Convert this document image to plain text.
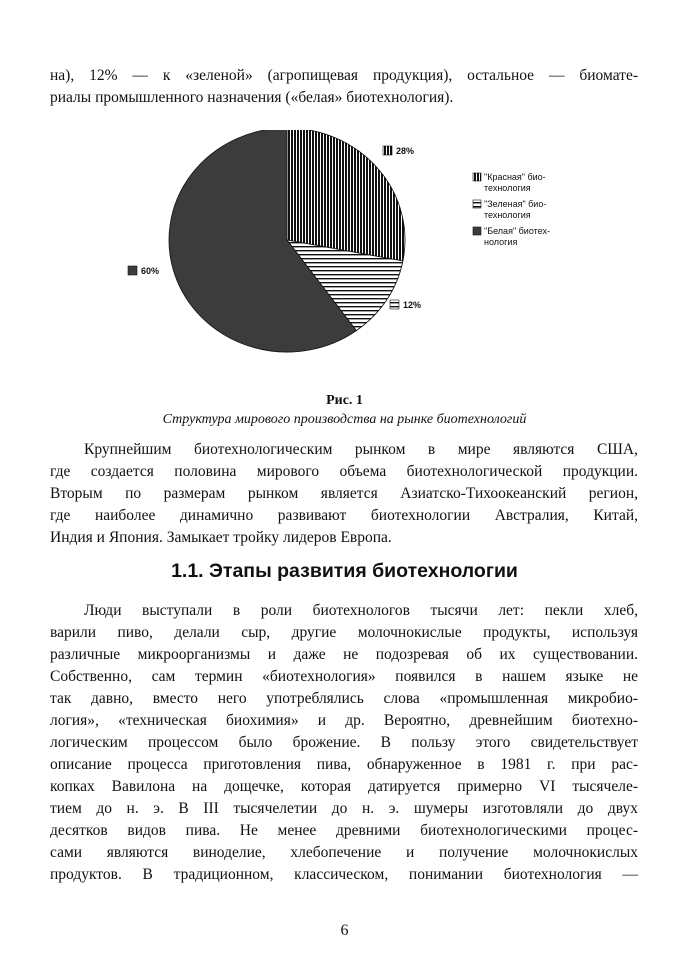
на), 12% — к «зеленой» (агропищевая продукция), остальное — биомате-
риалы промышленного назначения («белая» биотехнология).
28%
12%
60%
"Красная" био-
технология
"Зеленая" био-
технология
"Белая" биотех-
нология
Рис. 1
Структура мирового производства на рынке биотехнологий
Крупнейшим биотехнологическим рынком в мире являются США,
где создается половина мирового объема биотехнологической продукции.
Вторым по размерам рынком является Азиатско-Тихоокеанский регион,
где наиболее динамично развивают биотехнологии Австралия, Китай,
Индия и Япония. Замыкает тройку лидеров Европа.
1.1. Этапы развития биотехнологии
Люди выступали в роли биотехнологов тысячи лет: пекли хлеб,
варили пиво, делали сыр, другие молочнокислые продукты, используя
различные микроорганизмы и даже не подозревая об их существовании.
Собственно, сам термин «биотехнология» появился в нашем языке не
так давно, вместо него употреблялись слова «промышленная микробио-
логия», «техническая биохимия» и др. Вероятно, древнейшим биотехно-
логическим процессом было брожение. В пользу этого свидетельствует
описание процесса приготовления пива, обнаруженное в 1981 г. при рас-
копках Вавилона на дощечке, которая датируется примерно VI тысячеле-
тием до н. э. В III тысячелетии до н. э. шумеры изготовляли до двух
десятков видов пива. Не менее древними биотехнологическими процес-
сами являются виноделие, хлебопечение и получение молочнокислых
продуктов. В традиционном, классическом, понимании биотехнология —
6
